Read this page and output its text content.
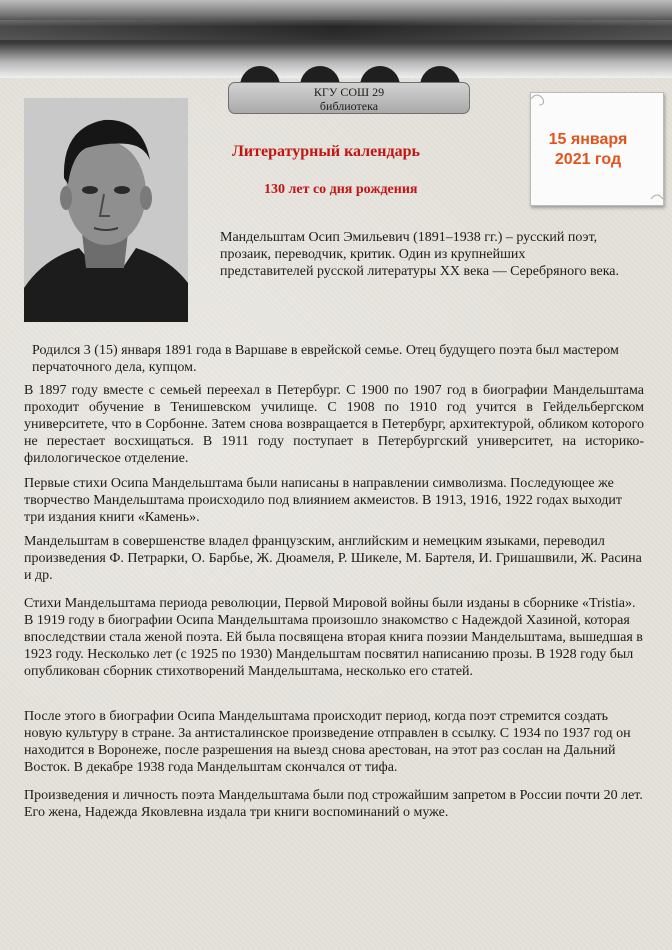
КГУ СОШ 29
библиотека
15 января
2021 год
Литературный календарь
130 лет со дня рождения
Мандельштам Осип Эмильевич (1891–1938 гг.) – русский поэт, прозаик, переводчик, критик. Один из крупнейших представителей русской литературы XX века — Серебряного века.

Родился 3 (15) января 1891 года в Варшаве в еврейской семье. Отец будущего поэта был мастером перчаточного дела, купцом.

В 1897 году вместе с семьей переехал в Петербург. С 1900 по 1907 год в биографии Мандельштама проходит обучение в Тенишевском училище. С 1908 по 1910 год учится в Гейдельбергском университете, что в Сорбонне. Затем снова возвращается в Петербург, архитектурой, обликом которого не перестает восхищаться. В 1911 году поступает в Петербургский университет, на историко-филологическое отделение.

Первые стихи Осипа Мандельштама были написаны в направлении символизма. Последующее же творчество Мандельштама происходило под влиянием акмеистов. В 1913, 1916, 1922 годах выходит три издания книги «Камень».

Мандельштам в совершенстве владел французским, английским и немецким языками, переводил произведения Ф. Петрарки, О. Барбье, Ж. Дюамеля, Р. Шикеле, М. Бартеля, И. Гришашвили, Ж. Расина и др.

Стихи Мандельштама периода революции, Первой Мировой войны были изданы в сборнике «Tristia». В 1919 году в биографии Осипа Мандельштама произошло знакомство с Надеждой Хазиной, которая впоследствии стала женой поэта. Ей была посвящена вторая книга поэзии Мандельштама, вышедшая в 1923 году. Несколько лет (с 1925 по 1930) Мандельштам посвятил написанию прозы. В 1928 году был опубликован сборник стихотворений Мандельштама, несколько его статей.

После этого в биографии Осипа Мандельштама происходит период, когда поэт стремится создать новую культуру в стране. За антисталинское произведение отправлен в ссылку. С 1934 по 1937 год он находится в Воронеже, после разрешения на выезд снова арестован, на этот раз сослан на Дальний Восток. В декабре 1938 года Мандельштам скончался от тифа.

Произведения и личность поэта Мандельштама были под строжайшим запретом в России почти 20 лет. Его жена, Надежда Яковлевна издала три книги воспоминаний о муже.
